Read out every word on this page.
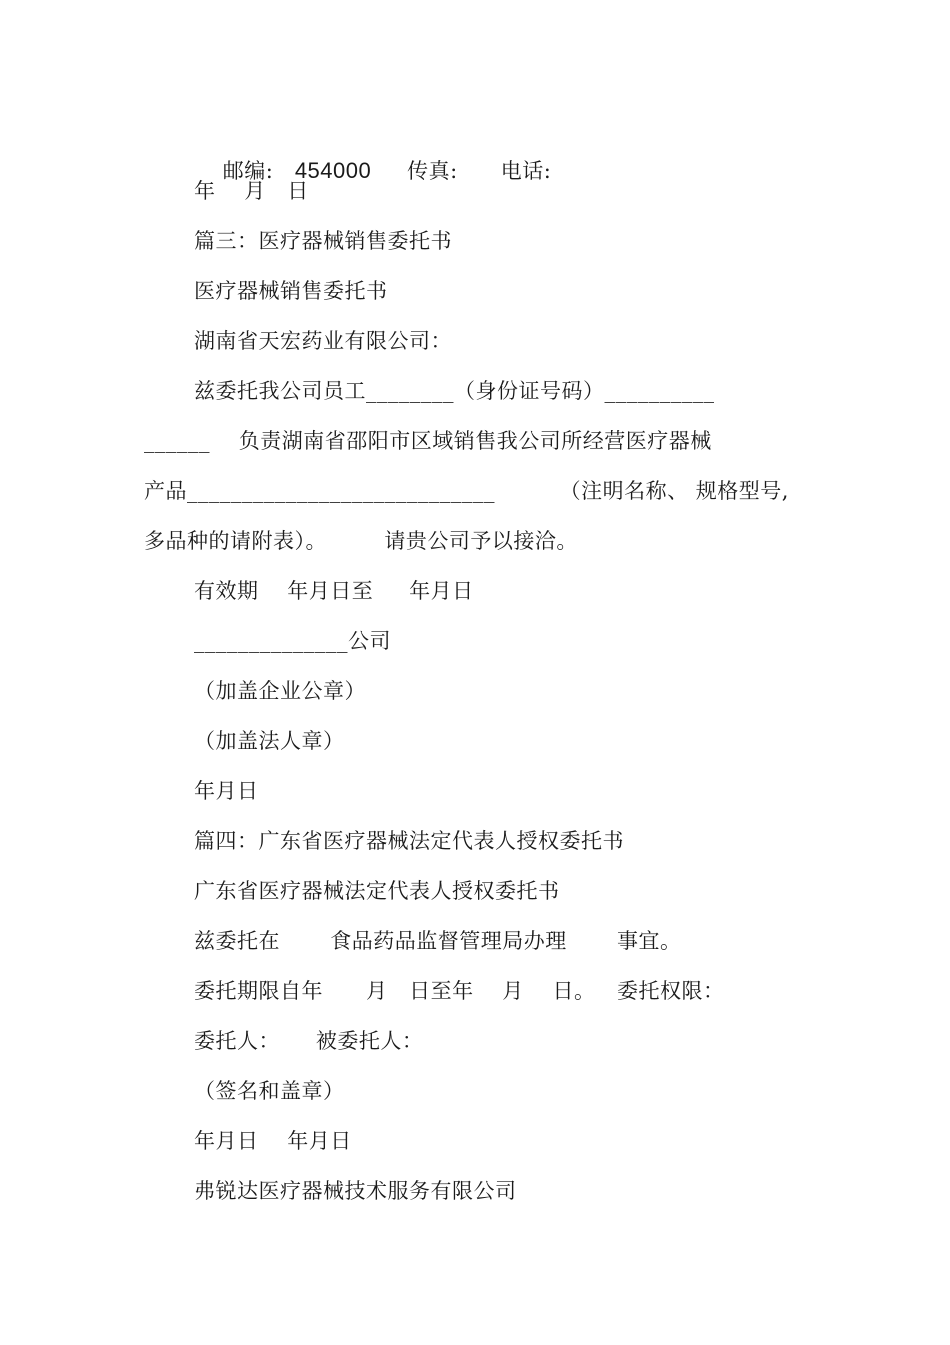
邮编: 454000 传真: 电话:

年    月   日
篇三：医疗器械销售委托书
医疗器械销售委托书
湖南省天宏药业有限公司：
兹委托我公司员工________（身份证号码）__________
______    负责湖南省邵阳市区域销售我公司所经营医疗器械
产品____________________________         （注明名称、 规格型号,
多品种的请附表）。        请贵公司予以接洽。
有效期    年月日至     年月日
______________公司
（加盖企业公章）
（加盖法人章）
年月日
篇四：广东省医疗器械法定代表人授权委托书
广东省医疗器械法定代表人授权委托书
兹委托在       食品药品监督管理局办理       事宜。
委托期限自年      月   日至年    月    日。   委托权限：
委托人：     被委托人：
（签名和盖章）
年月日    年月日
弗锐达医疗器械技术服务有限公司
